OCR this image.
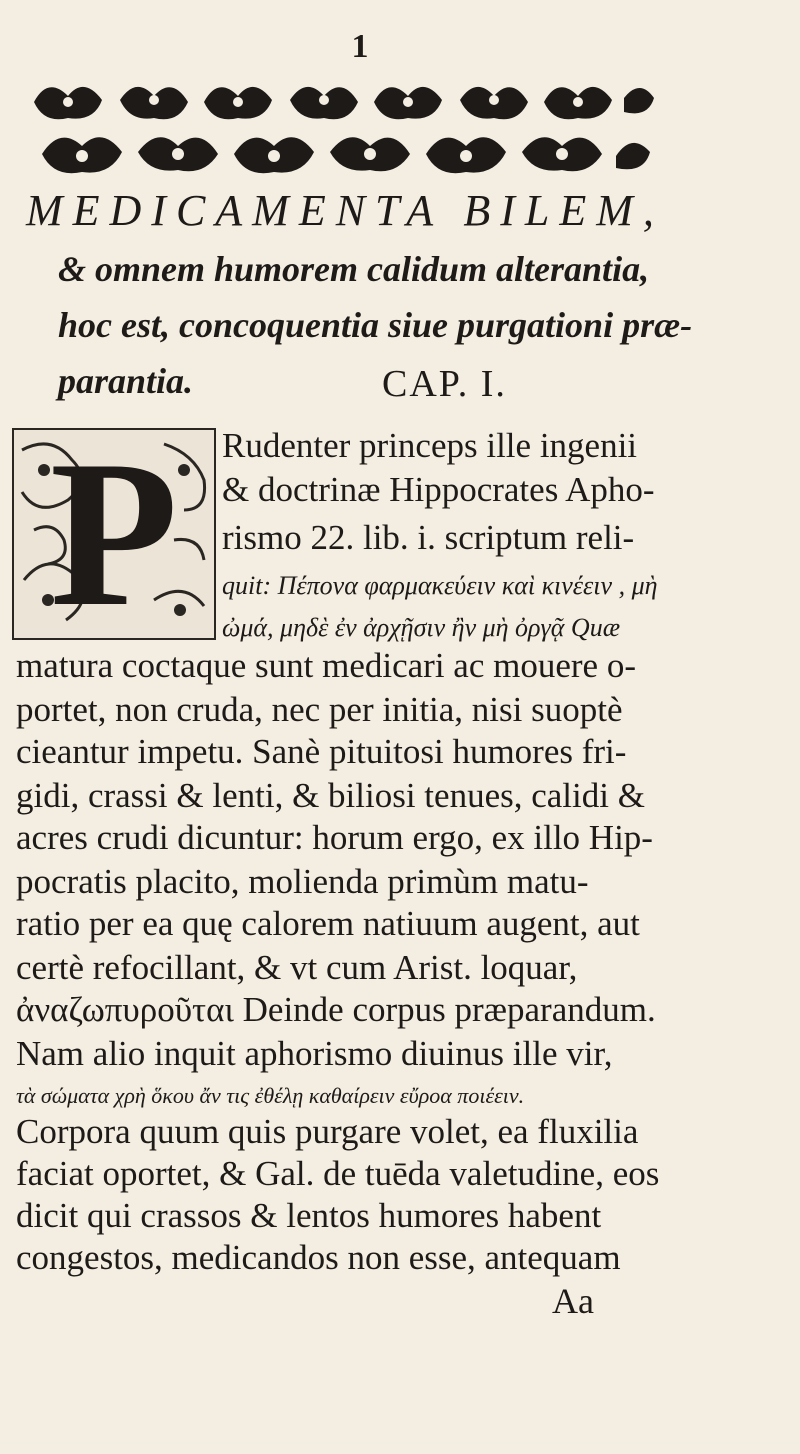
1
MEDICAMENTA BILEM,
& omnem humorem calidum alterantia,
hoc est, concoquentia siue purgationi præ-
parantia.	CAP. I.
P	Rudenter princeps ille ingenii
& doctrinæ Hippocrates Apho-
rismo 22. lib. i. scriptum reli-
quit: Πέπονα φαρμακεύειν καὶ κινέειν , μὴ
ὠμά, μηδὲ ἐν ἀρχῇσιν ἢν μὴ ὀργᾷ Quæ
matura coctaque sunt medicari ac mouere o-
portet, non cruda, nec per initia, nisi suoptè
cieantur impetu. Sanè pituitosi humores fri-
gidi, crassi & lenti, & biliosi tenues, calidi &
acres crudi dicuntur: horum ergo, ex illo Hip-
pocratis placito, molienda primùm matu-
ratio per ea quę calorem natiuum augent, aut
certè refocillant, & vt cum Arist. loquar,
ἀναζωπυροῦται Deinde corpus præparandum.
Nam alio inquit aphorismo diuinus ille vir,
τὰ σώματα χρὴ ὅκου ἄν τις ἐθέλῃ καθαίρειν εὔροα ποιέειν.
Corpora quum quis purgare volet, ea fluxilia
faciat oportet, & Gal. de tuēda valetudine, eos
dicit qui crassos & lentos humores habent
congestos, medicandos non esse, antequam
Aa
